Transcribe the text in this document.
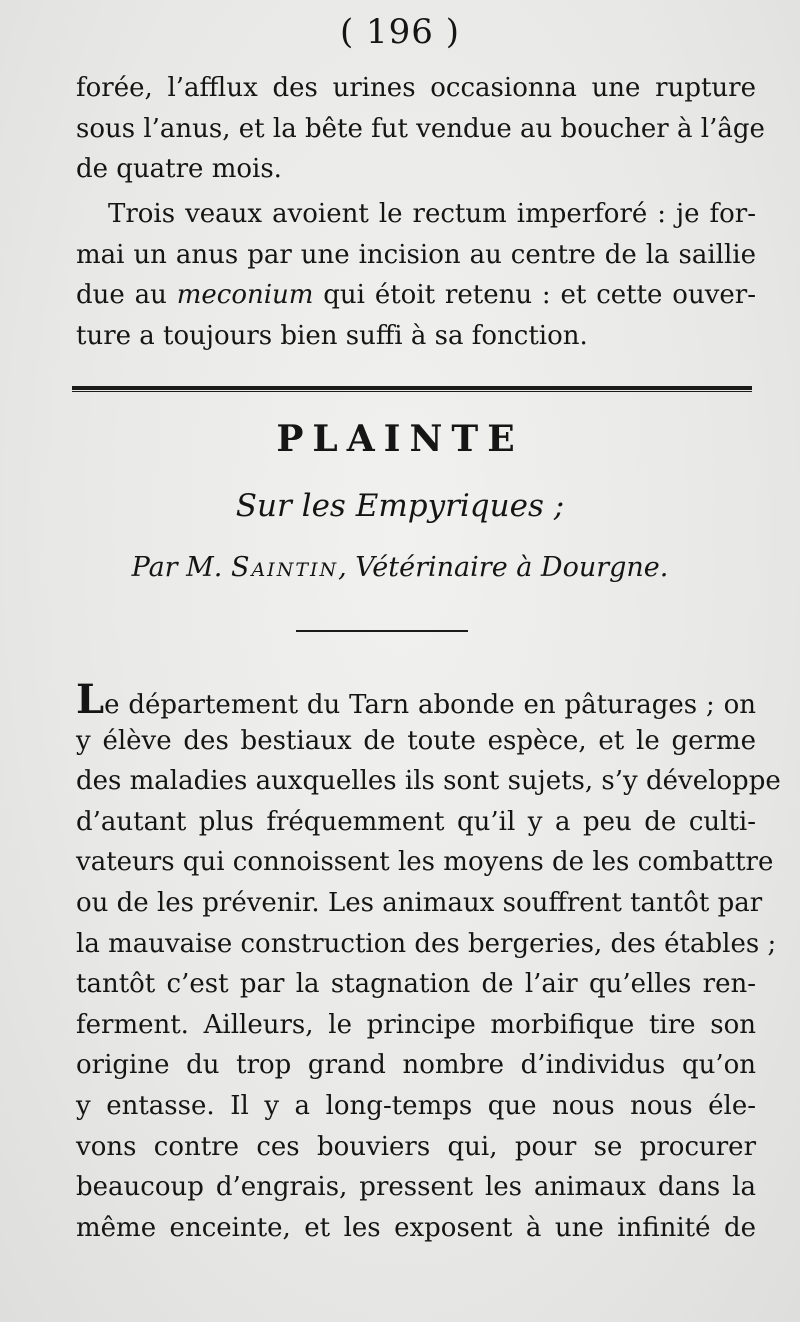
( 196 )
forée, l’afflux des urines occasionna une rupture
sous l’anus, et la bête fut vendue au boucher à l’âge
de quatre mois.
Trois veaux avoient le rectum imperforé : je for-
mai un anus par une incision au centre de la saillie
due au meconium qui étoit retenu : et cette ouver-
ture a toujours bien suffi à sa fonction.
PLAINTE
Sur les Empyriques ;
Par M. Saintin, Vétérinaire à Dourgne.
Le département du Tarn abonde en pâturages ; on
y élève des bestiaux de toute espèce, et le germe
des maladies auxquelles ils sont sujets, s’y développe
d’autant plus fréquemment qu’il y a peu de culti-
vateurs qui connoissent les moyens de les combattre
ou de les prévenir. Les animaux souffrent tantôt par
la mauvaise construction des bergeries, des étables ;
tantôt c’est par la stagnation de l’air qu’elles ren-
ferment. Ailleurs, le principe morbifique tire son
origine du trop grand nombre d’individus qu’on
y entasse. Il y a long-temps que nous nous éle-
vons contre ces bouviers qui, pour se procurer
beaucoup d’engrais, pressent les animaux dans la
même enceinte, et les exposent à une infinité de
